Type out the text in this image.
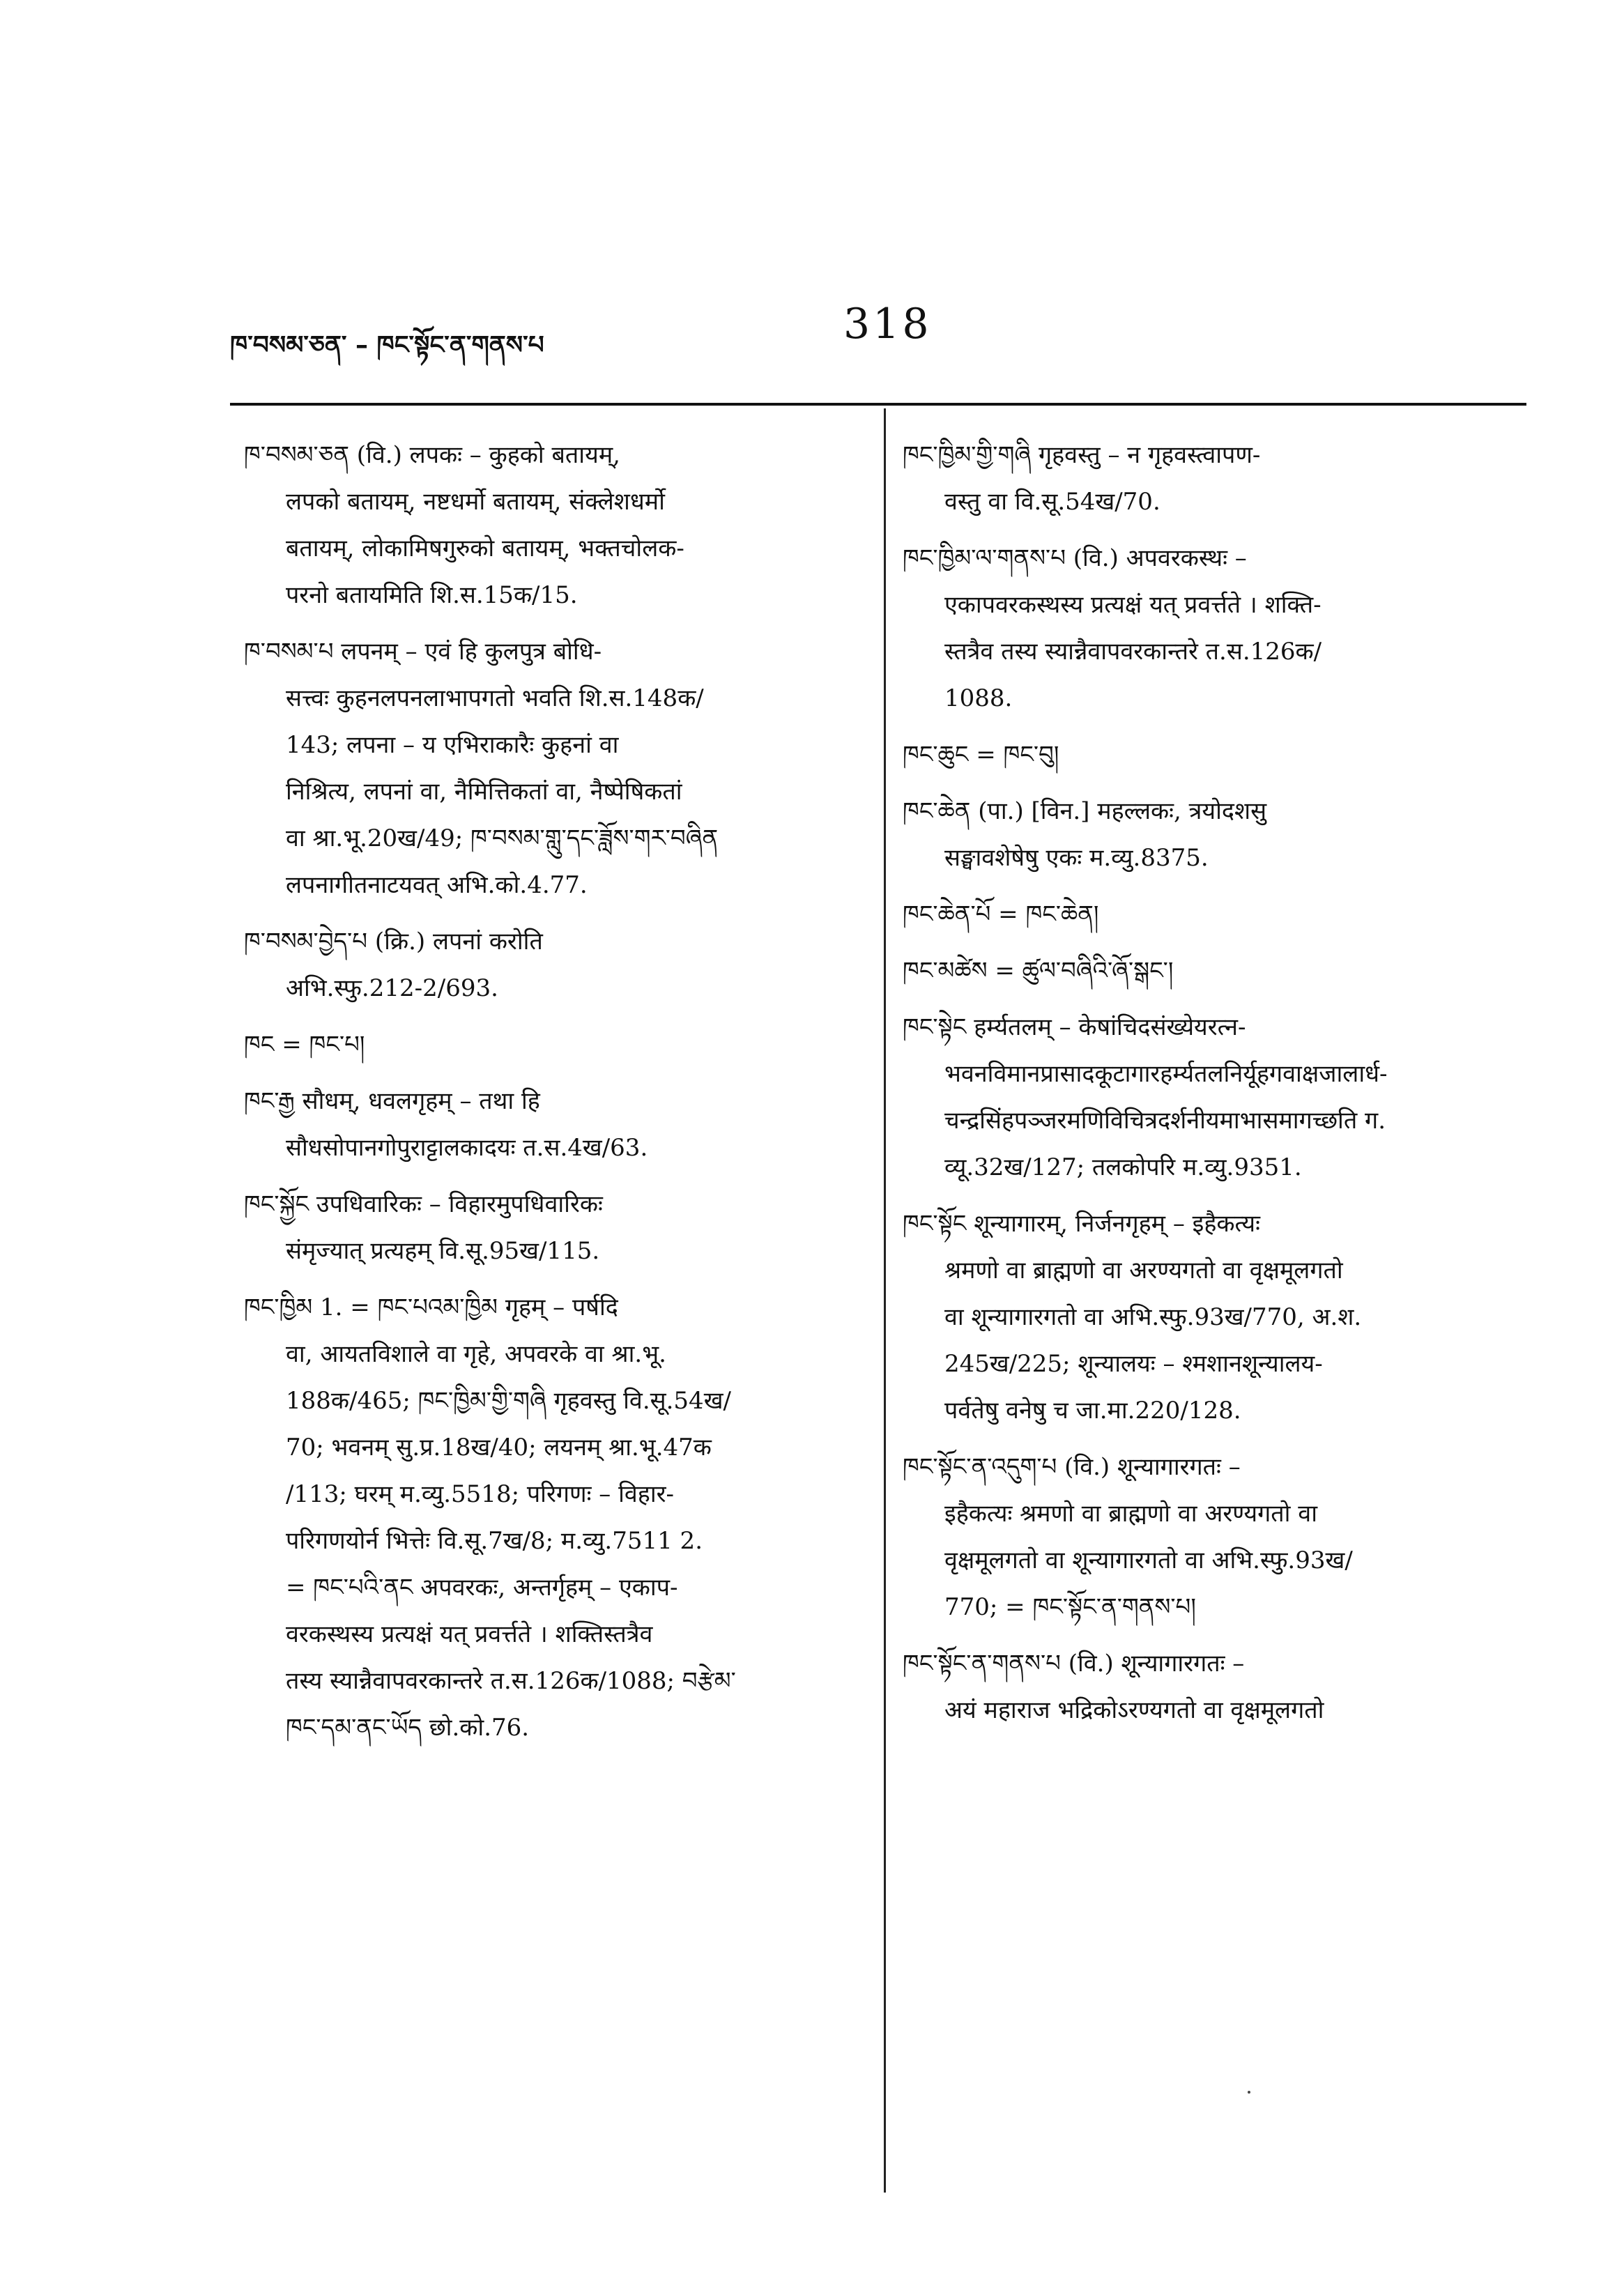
ཁ་བསམ་ཅན་ – ཁང་སྟོང་ན་གནས་པ	318
ཁ་བསམ་ཅན (वि.) लपकः – कुहको बतायम्,
लपको बतायम्, नष्टधर्मो बतायम्, संक्लेशधर्मो
बतायम्, लोकामिषगुरुको बतायम्, भक्तचोलक-
परनो बतायमिति शि.स.15क/15.
ཁ་བསམ་པ लपनम् – एवं हि कुलपुत्र बोधि-
सत्त्वः कुहनलपनलाभापगतो भवति शि.स.148क/
143; लपना – य एभिराकारैः कुहनां वा
निश्रित्य, लपनां वा, नैमित्तिकतां वा, नैष्पेषिकतां
वा श्रा.भू.20ख/49; ཁ་བསམ་གླུ་དང་ཟློས་གར་བཞིན
लपनागीतनाटयवत् अभि.को.4.77.
ཁ་བསམ་བྱེད་པ (क्रि.) लपनां करोति
अभि.स्फु.212-2/693.
ཁང = ཁང་པ།
ཁང་རྒྱ सौधम्, धवलगृहम् – तथा हि
सौधसोपानगोपुराट्टालकादयः त.स.4ख/63.
ཁང་སྐྱོང उपधिवारिकः – विहारमुपधिवारिकः
संमृज्यात् प्रत्यहम् वि.सू.95ख/115.
ཁང་ཁྱིམ 1. = ཁང་པའམ་ཁྱིམ गृहम् – पर्षदि
वा, आयतविशाले वा गृहे, अपवरके वा श्रा.भू.
188क/465; ཁང་ཁྱིམ་གྱི་གཞི गृहवस्तु वि.सू.54ख/
70; भवनम् सु.प्र.18ख/40; लयनम् श्रा.भू.47क
/113; घरम् म.व्यु.5518; परिगणः – विहार-
परिगणयोर्न भित्तेः वि.सू.7ख/8; म.व्यु.7511 2.
= ཁང་པའི་ནང अपवरकः, अन्तर्गृहम् – एकाप-
वरकस्थस्य प्रत्यक्षं यत् प्रवर्त्तते । शक्तिस्तत्रैव
तस्य स्यान्नैवापवरकान्तरे त.स.126क/1088; བརྩེམ་
ཁང་དམ་ནང་ཡོད छो.को.76.
ཁང་ཁྱིམ་གྱི་གཞི गृहवस्तु – न गृहवस्त्वापण-
वस्तु वा वि.सू.54ख/70.
ཁང་ཁྱིམ་ལ་གནས་པ (वि.) अपवरकस्थः –
एकापवरकस्थस्य प्रत्यक्षं यत् प्रवर्त्तते । शक्ति-
स्तत्रैव तस्य स्यान्नैवापवरकान्तरे त.स.126क/
1088.
ཁང་ཆུང = ཁང་བུ།
ཁང་ཆེན (पा.) [विन.] महल्लकः, त्रयोदशसु
सङ्घावशेषेषु एकः म.व्यु.8375.
ཁང་ཆེན་པོ = ཁང་ཆེན།
ཁང་མཚེས = ཚུལ་བཞིའི་ཞོ་སྒང་།
ཁང་སྟེང हर्म्यतलम् – केषांचिदसंख्येयरत्न-
भवनविमानप्रासादकूटागारहर्म्यतलनिर्यूहगवाक्षजालार्ध-
चन्द्रसिंहपञ्जरमणिविचित्रदर्शनीयमाभासमागच्छति ग.
व्यू.32ख/127; तलकोपरि म.व्यु.9351.
ཁང་སྟོང शून्यागारम्, निर्जनगृहम् – इहैकत्यः
श्रमणो वा ब्राह्मणो वा अरण्यगतो वा वृक्षमूलगतो
वा शून्यागारगतो वा अभि.स्फु.93ख/770, अ.श.
245ख/225; शून्यालयः – श्मशानशून्यालय-
पर्वतेषु वनेषु च जा.मा.220/128.
ཁང་སྟོང་ན་འདུག་པ (वि.) शून्यागारगतः –
इहैकत्यः श्रमणो वा ब्राह्मणो वा अरण्यगतो वा
वृक्षमूलगतो वा शून्यागारगतो वा अभि.स्फु.93ख/
770; = ཁང་སྟོང་ན་གནས་པ།
ཁང་སྟོང་ན་གནས་པ (वि.) शून्यागारगतः –
अयं महाराज भद्रिकोऽरण्यगतो वा वृक्षमूलगतो
